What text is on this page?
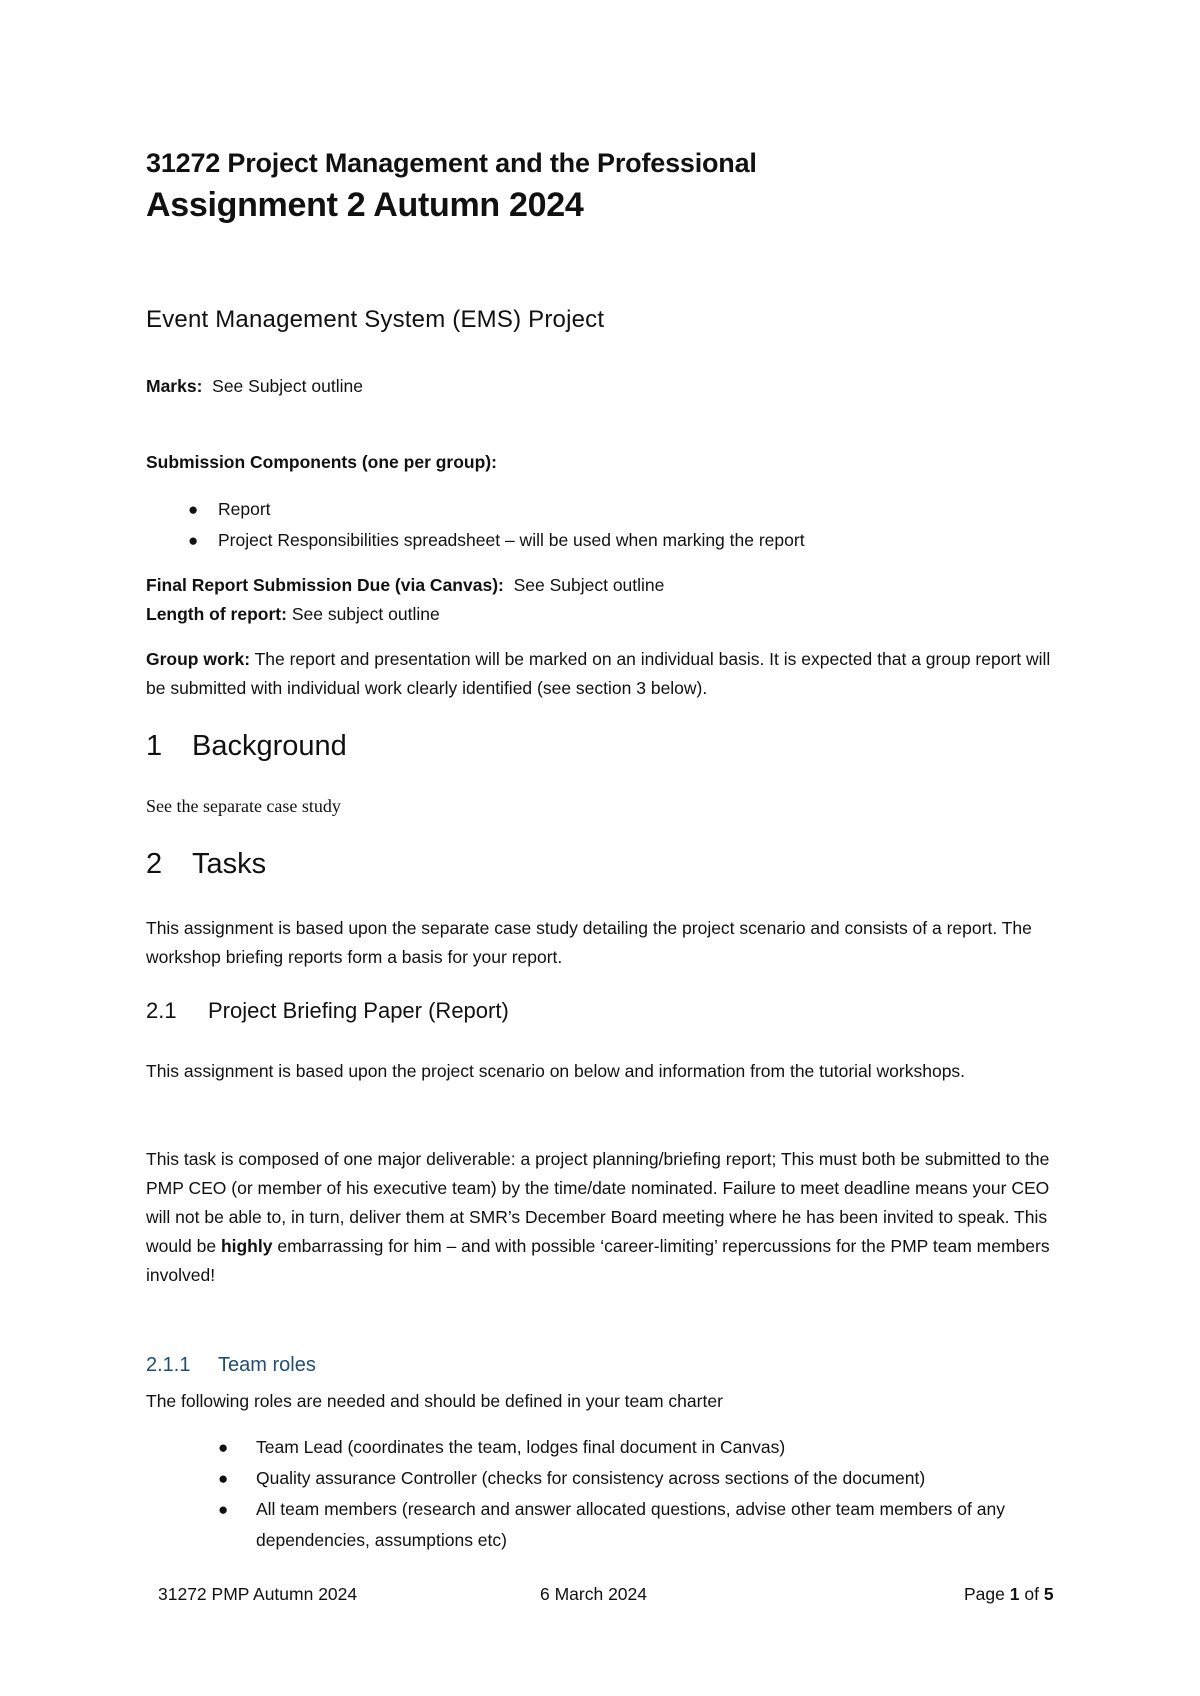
31272 Project Management and the Professional

Assignment 2 Autumn 2024

Event Management System (EMS) Project

Marks: See Subject outline

Submission Components (one per group):

● Report
● Project Responsibilities spreadsheet – will be used when marking the report

Final Report Submission Due (via Canvas): See Subject outline

Length of report: See subject outline

Group work: The report and presentation will be marked on an individual basis. It is expected that a group report will be submitted with individual work clearly identified (see section 3 below).

1 Background

See the separate case study

2 Tasks

This assignment is based upon the separate case study detailing the project scenario and consists of a report. The workshop briefing reports form a basis for your report.

2.1 Project Briefing Paper (Report)

This assignment is based upon the project scenario on below and information from the tutorial workshops.

This task is composed of one major deliverable: a project planning/briefing report; This must both be submitted to the PMP CEO (or member of his executive team) by the time/date nominated. Failure to meet deadline means your CEO will not be able to, in turn, deliver them at SMR’s December Board meeting where he has been invited to speak. This would be highly embarrassing for him – and with possible ‘career-limiting’ repercussions for the PMP team members involved!

2.1.1 Team roles

The following roles are needed and should be defined in your team charter

● Team Lead (coordinates the team, lodges final document in Canvas)
● Quality assurance Controller (checks for consistency across sections of the document)
● All team members (research and answer allocated questions, advise other team members of any dependencies, assumptions etc)
31272 PMP Autumn 2024	6 March 2024	Page 1 of 5
